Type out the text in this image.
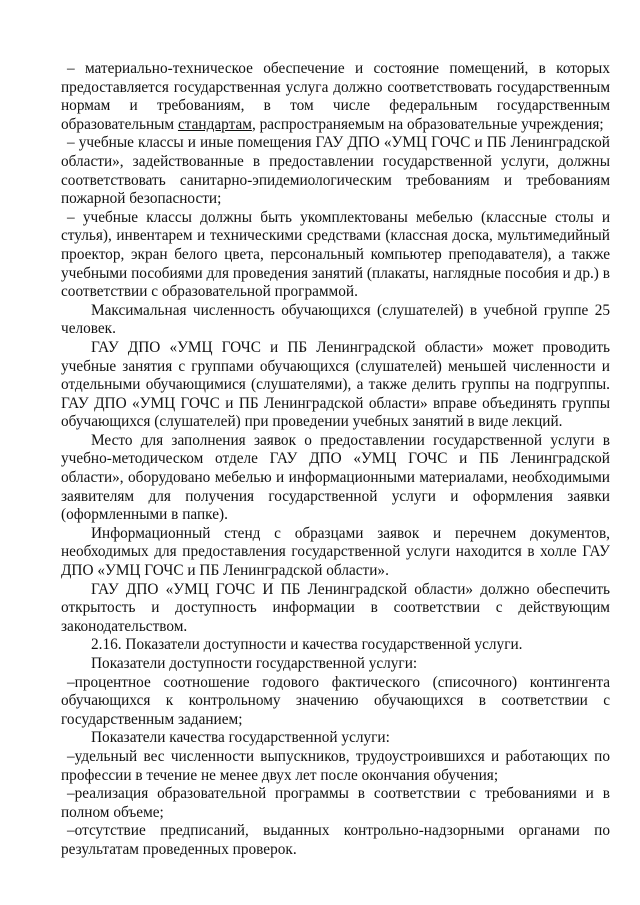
– материально-техническое обеспечение и состояние помещений, в которых предоставляется государственная услуга должно соответствовать государственным нормам и требованиям, в том числе федеральным государственным образовательным стандартам, распространяемым на образовательные учреждения;

– учебные классы и иные помещения ГАУ ДПО «УМЦ ГОЧС и ПБ Ленинградской области», задействованные в предоставлении государственной услуги, должны соответствовать санитарно-эпидемиологическим требованиям и требованиям пожарной безопасности;

– учебные классы должны быть укомплектованы мебелью (классные столы и стулья), инвентарем и техническими средствами (классная доска, мультимедийный проектор, экран белого цвета, персональный компьютер преподавателя), а также учебными пособиями для проведения занятий (плакаты, наглядные пособия и др.) в соответствии с образовательной программой.

Максимальная численность обучающихся (слушателей) в учебной группе 25 человек.

ГАУ ДПО «УМЦ ГОЧС и ПБ Ленинградской области» может проводить учебные занятия с группами обучающихся (слушателей) меньшей численности и отдельными обучающимися (слушателями), а также делить группы на подгруппы. ГАУ ДПО «УМЦ ГОЧС и ПБ Ленинградской области» вправе объединять группы обучающихся (слушателей) при проведении учебных занятий в виде лекций.

Место для заполнения заявок о предоставлении государственной услуги в учебно-методическом отделе ГАУ ДПО «УМЦ ГОЧС и ПБ Ленинградской области», оборудовано мебелью и информационными материалами, необходимыми заявителям для получения государственной услуги и оформления заявки (оформленными в папке).

Информационный стенд с образцами заявок и перечнем документов, необходимых для предоставления государственной услуги находится в холле ГАУ ДПО «УМЦ ГОЧС и ПБ Ленинградской области».

ГАУ ДПО «УМЦ ГОЧС И ПБ Ленинградской области» должно обеспечить открытость и доступность информации в соответствии с действующим законодательством.

2.16. Показатели доступности и качества государственной услуги.

Показатели доступности государственной услуги:

–процентное соотношение годового фактического (списочного) контингента обучающихся к контрольному значению обучающихся в соответствии с государственным заданием;

Показатели качества государственной услуги:

–удельный вес численности выпускников, трудоустроившихся и работающих по профессии в течение не менее двух лет после окончания обучения;

–реализация образовательной программы в соответствии с требованиями и в полном объеме;

–отсутствие предписаний, выданных контрольно-надзорными органами по результатам проведенных проверок.
